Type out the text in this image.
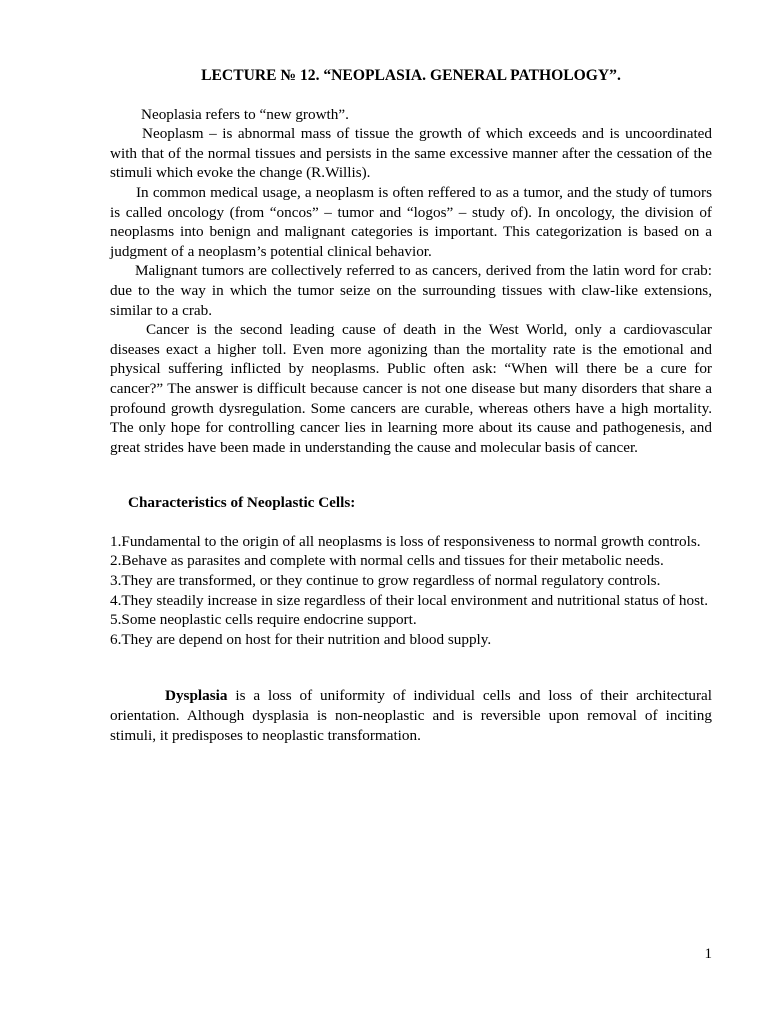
LECTURE № 12. “NEOPLASIA. GENERAL PATHOLOGY”.

Neoplasia refers to “new growth”.

Neoplasm – is abnormal mass of tissue the growth of which exceeds and is uncoordinated with that of the normal tissues and persists in the same excessive manner after the cessation of the stimuli which evoke the change (R.Willis).

In common medical usage, a neoplasm is often reffered to as a tumor, and the study of tumors is called oncology (from “oncos” – tumor and “logos” – study of). In oncology, the division of neoplasms into benign and malignant categories is important. This categorization is based on a judgment of a neoplasm’s potential clinical behavior.

Malignant tumors are collectively referred to as cancers, derived from the latin word for crab: due to the way in which the tumor seize on the surrounding tissues with claw-like extensions, similar to a crab.

Cancer is the second leading cause of death in the West World, only a cardiovascular diseases exact a higher toll. Even more agonizing than the mortality rate is the emotional and physical suffering inflicted by neoplasms. Public often ask: “When will there be a cure for cancer?” The answer is difficult because cancer is not one disease but many disorders that share a profound growth dysregulation. Some cancers are curable, whereas others have a high mortality. The only hope for controlling cancer lies in learning more about its cause and pathogenesis, and great strides have been made in understanding the cause and molecular basis of cancer.

Characteristics of Neoplastic Cells:
1.Fundamental to the origin of all neoplasms is loss of responsiveness to normal growth controls.
2.Behave as parasites and complete with normal cells and tissues for their metabolic needs.
3.They are transformed, or they continue to grow regardless of normal regulatory controls.
4.They steadily increase in size regardless of their local environment and nutritional status of host.
5.Some neoplastic cells require endocrine support.
6.They are depend on host for their nutrition and blood supply.

Dysplasia is a loss of uniformity of individual cells and loss of their architectural orientation. Although dysplasia is non-neoplastic and is reversible upon removal of inciting stimuli, it predisposes to neoplastic transformation.

1
